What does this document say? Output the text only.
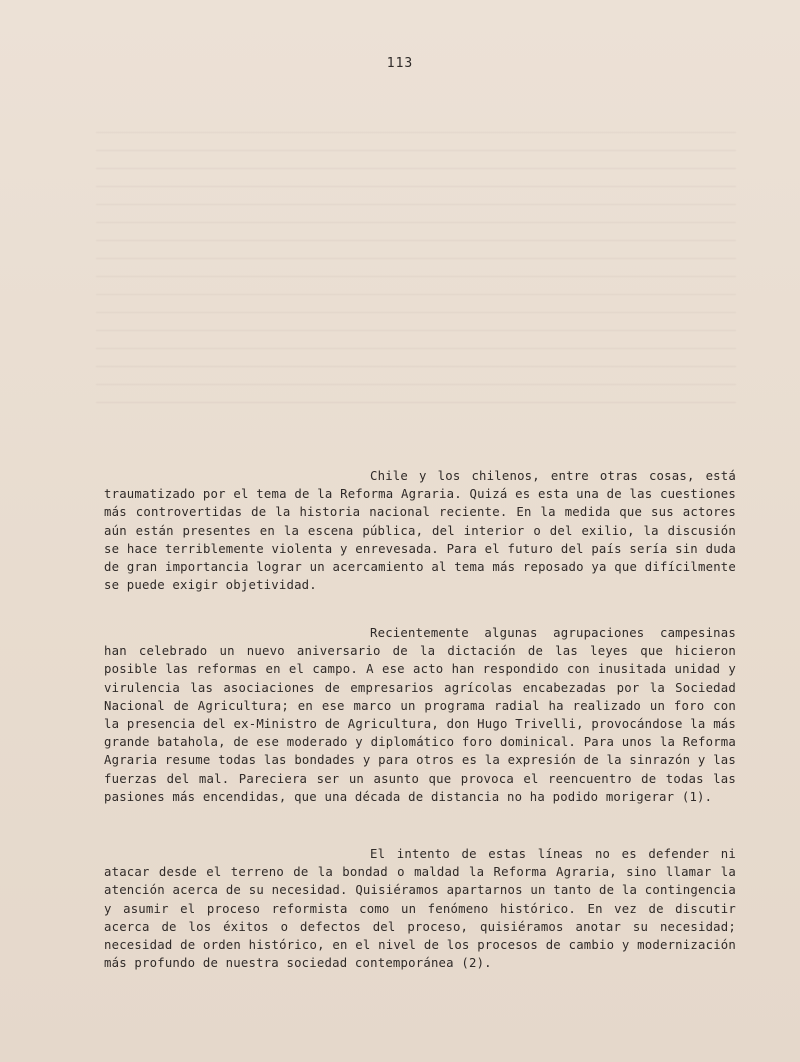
113

Chile y los chilenos, entre otras cosas, está traumatizado por el tema de la Reforma Agraria. Quizá es esta una de las cuestiones más controvertidas de la historia nacional reciente. En la medida que sus actores aún están presentes en la escena pública, del interior o del exilio, la discusión se hace terriblemente violenta y enrevesada. Para el futuro del país sería sin duda de gran importancia lograr un acercamiento al tema más reposado ya que difícilmente se puede exigir objetividad.

Recientemente algunas agrupaciones campesinas han celebrado un nuevo aniversario de la dictación de las leyes que hicieron posible las reformas en el campo. A ese acto han respondido con inusitada unidad y virulencia las asociaciones de empresarios agrícolas encabezadas por la Sociedad Nacional de Agricultura; en ese marco un programa radial ha realizado un foro con la presencia del ex-Ministro de Agricultura, don Hugo Trivelli, provocándose la más grande batahola, de ese moderado y diplomático foro dominical. Para unos la Reforma Agraria resume todas las bondades y para otros es la expresión de la sinrazón y las fuerzas del mal. Pareciera ser un asunto que provoca el reencuentro de todas las pasiones más encendidas, que una década de distancia no ha podido morigerar (1).

El intento de estas líneas no es defender ni atacar desde el terreno de la bondad o maldad la Reforma Agraria, sino llamar la atención acerca de su necesidad. Quisiéramos apartarnos un tanto de la contingencia y asumir el proceso reformista como un fenómeno histórico. En vez de discutir acerca de los éxitos o defectos del proceso, quisiéramos anotar su necesidad; necesidad de orden histórico, en el nivel de los procesos de cambio y modernización más profundo de nuestra sociedad contemporánea (2).
